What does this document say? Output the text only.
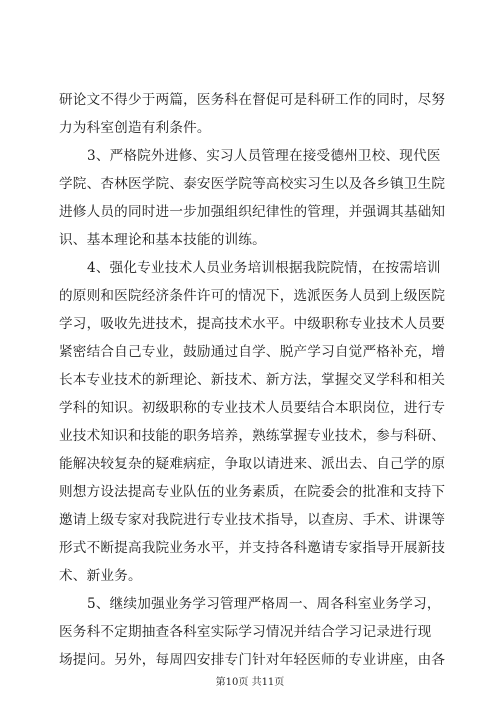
研论文不得少于两篇，医务科在督促可是科研工作的同时，尽努
力为科室创造有利条件。
3、严格院外进修、实习人员管理在接受德州卫校、现代医
学院、杏林医学院、泰安医学院等高校实习生以及各乡镇卫生院
进修人员的同时进一步加强组织纪律性的管理，并强调其基础知
识、基本理论和基本技能的训练。
4、强化专业技术人员业务培训根据我院院情，在按需培训
的原则和医院经济条件许可的情况下，选派医务人员到上级医院
学习，吸收先进技术，提高技术水平。中级职称专业技术人员要
紧密结合自己专业，鼓励通过自学、脱产学习自觉严格补充，增
长本专业技术的新理论、新技术、新方法，掌握交叉学科和相关
学科的知识。初级职称的专业技术人员要结合本职岗位，进行专
业技术知识和技能的职务培养，熟练掌握专业技术，参与科研、
能解决较复杂的疑难病症，争取以请进来、派出去、自己学的原
则想方设法提高专业队伍的业务素质，在院委会的批准和支持下
邀请上级专家对我院进行专业技术指导，以查房、手术、讲课等
形式不断提高我院业务水平，并支持各科邀请专家指导开展新技
术、新业务。
5、继续加强业务学习管理严格周一、周各科室业务学习，
医务科不定期抽查各科室实际学习情况并结合学习记录进行现
场提问。另外，每周四安排专门针对年轻医师的专业讲座，由各
第10页 共11页
